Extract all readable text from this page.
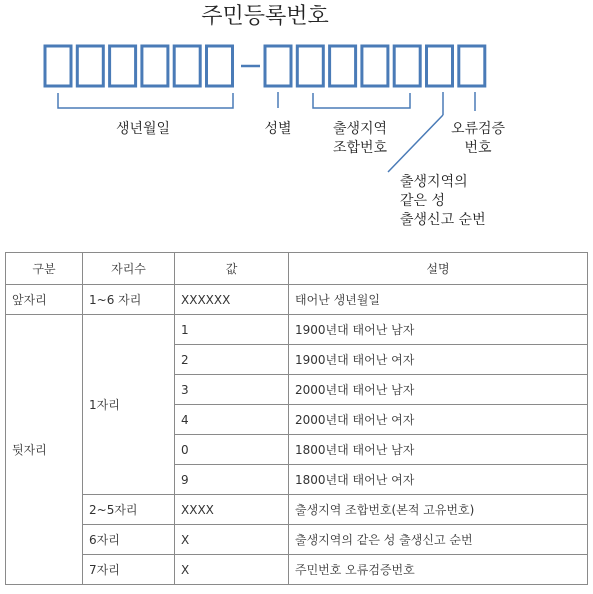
주민등록번호
생년월일	성별	출생지역
조합번호
오류검증
번호
출생지역의
같은 성
출생신고 순번
구분	자리수	값	설명
앞자리	1~6 자리	XXXXXX	태어난 생년월일
뒷자리	1자리	1	1900년대 태어난 남자
		2	1900년대 태어난 여자
		3	2000년대 태어난 남자
		4	2000년대 태어난 여자
		0	1800년대 태어난 남자
		9	1800년대 태어난 여자
	2~5자리	XXXX	출생지역 조합번호(본적 고유번호)
	6자리	X	출생지역의 같은 성 출생신고 순번
	7자리	X	주민번호 오류검증번호
